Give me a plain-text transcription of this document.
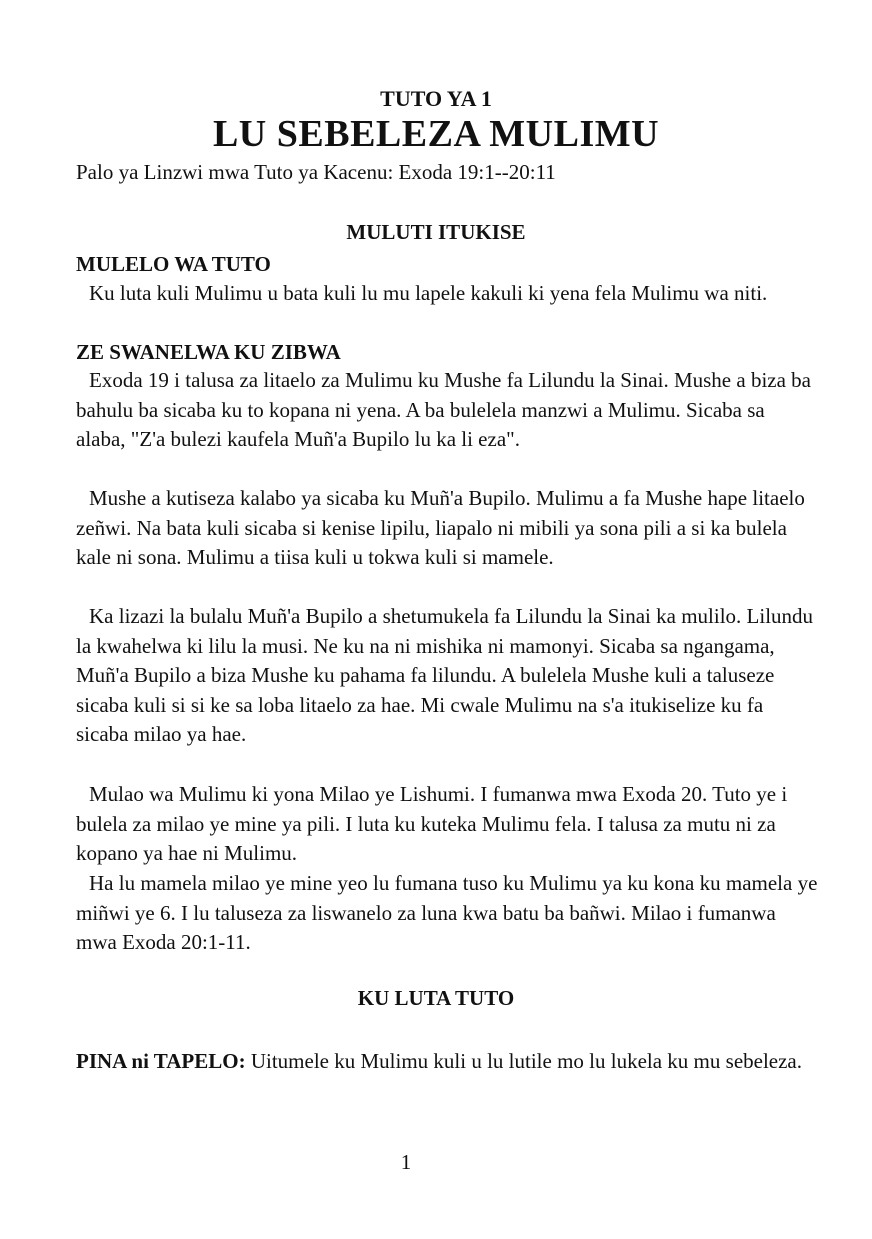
TUTO YA 1
LU SEBELEZA MULIMU
Palo ya Linzwi mwa Tuto ya Kacenu: Exoda 19:1--20:11
MULUTI ITUKISE
MULELO WA TUTO

Ku luta kuli Mulimu u bata kuli lu mu lapele kakuli ki yena fela Mulimu wa niti.

ZE SWANELWA KU ZIBWA

Exoda 19 i talusa za litaelo za Mulimu ku Mushe fa Lilundu la Sinai. Mushe a biza ba bahulu ba sicaba ku to kopana ni yena. A ba bulelela manzwi a Mulimu. Sicaba sa alaba, "Z'a bulezi kaufela Muñ'a Bupilo lu ka li eza".

Mushe a kutiseza kalabo ya sicaba ku Muñ'a Bupilo. Mulimu a fa Mushe hape litaelo zeñwi. Na bata kuli sicaba si kenise lipilu, liapalo ni mibili ya sona pili a si ka bulela kale ni sona. Mulimu a tiisa kuli u tokwa kuli si mamele.

Ka lizazi la bulalu Muñ'a Bupilo a shetumukela fa Lilundu la Sinai ka mulilo. Lilundu la kwahelwa ki lilu la musi. Ne ku na ni mishika ni mamonyi. Sicaba sa ngangama, Muñ'a Bupilo a biza Mushe ku pahama fa lilundu. A bulelela Mushe kuli a taluseze sicaba kuli si si ke sa loba litaelo za hae. Mi cwale Mulimu na s'a itukiselize ku fa sicaba milao ya hae.

Mulao wa Mulimu ki yona Milao ye Lishumi. I fumanwa mwa Exoda 20. Tuto ye i bulela za milao ye mine ya pili. I luta ku kuteka Mulimu fela. I talusa za mutu ni za kopano ya hae ni Mulimu.

Ha lu mamela milao ye mine yeo lu fumana tuso ku Mulimu ya ku kona ku mamela ye miñwi ye 6. I lu taluseza za liswanelo za luna kwa batu ba bañwi. Milao i fumanwa mwa Exoda 20:1-11.

KU LUTA TUTO

PINA ni TAPELO: Uitumele ku Mulimu kuli u lu lutile mo lu lukela ku mu sebeleza.

1
